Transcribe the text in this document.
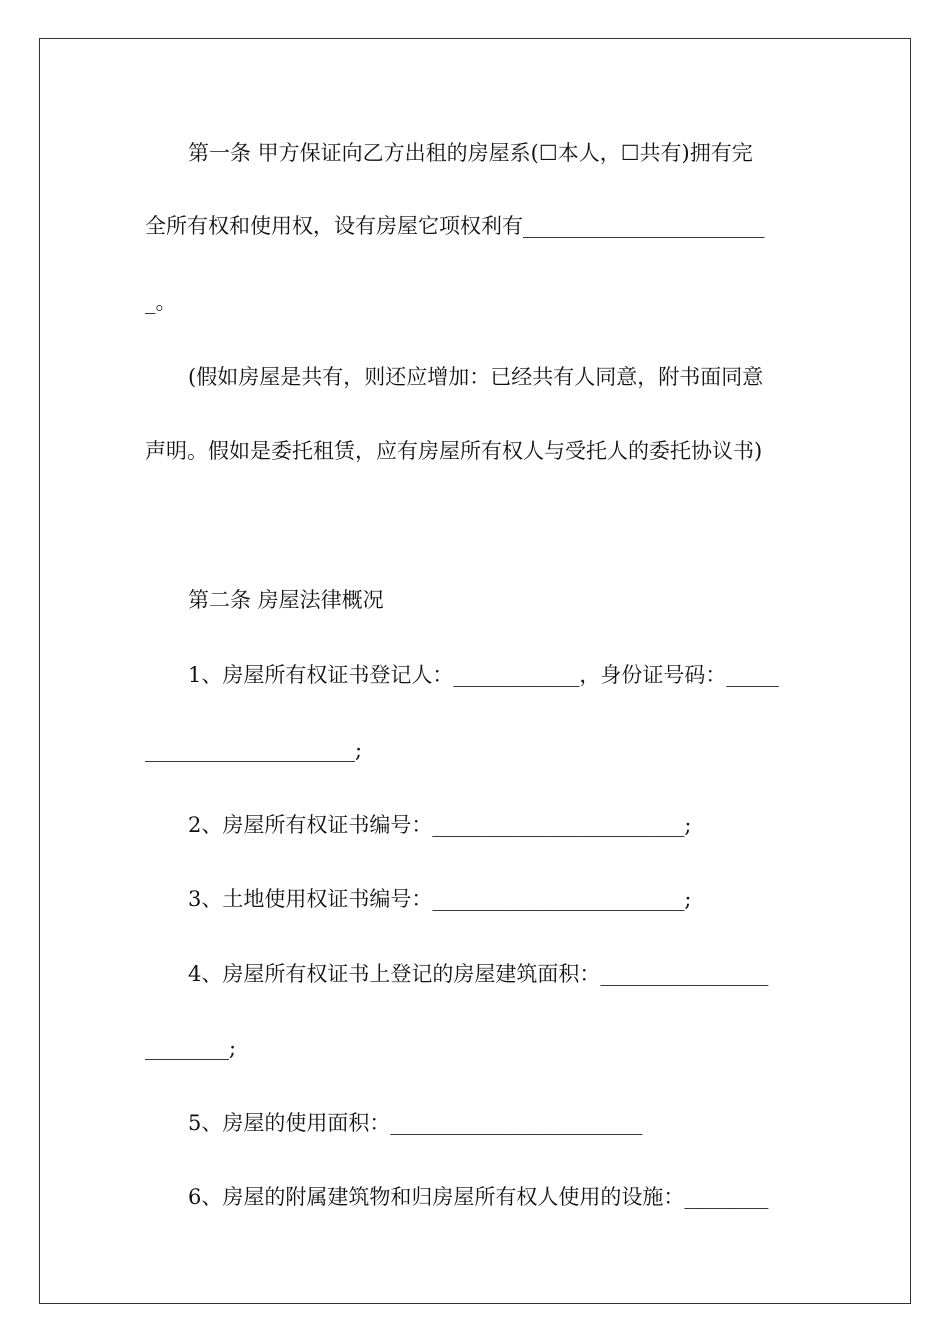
第一条 甲方保证向乙方出租的房屋系(☐本人，☐共有)拥有完
全所有权和使用权，设有房屋它项权利有_______________________
_。
(假如房屋是共有，则还应增加：已经共有人同意，附书面同意
声明。假如是委托租赁，应有房屋所有权人与受托人的委托协议书)
第二条 房屋法律概况
1、房屋所有权证书登记人：____________，身份证号码：_____
____________________;
2、房屋所有权证书编号：________________________;
3、土地使用权证书编号：________________________;
4、房屋所有权证书上登记的房屋建筑面积：________________
________;
5、房屋的使用面积：________________________
6、房屋的附属建筑物和归房屋所有权人使用的设施：________
